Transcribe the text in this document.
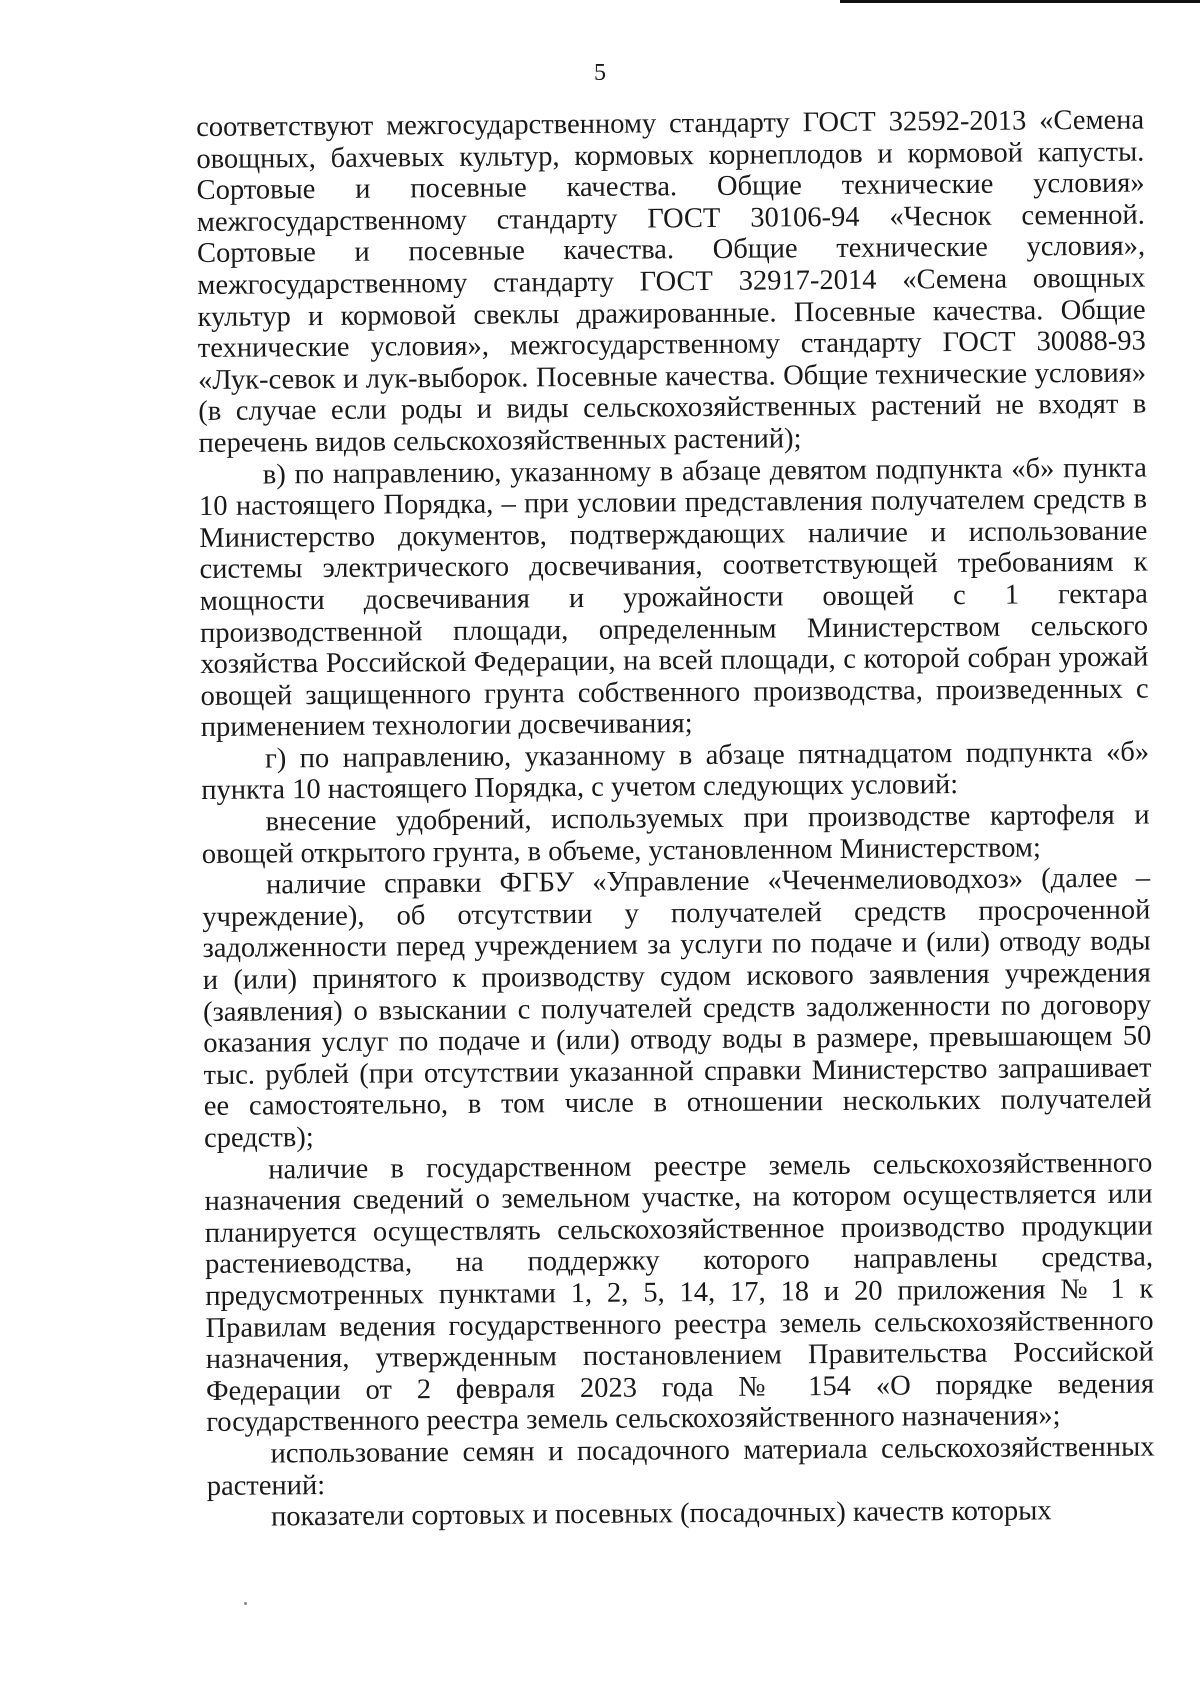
5

соответствуют межгосударственному стандарту ГОСТ 32592-2013 «Семена овощных, бахчевых культур, кормовых корнеплодов и кормовой капусты. Сортовые и посевные качества. Общие технические условия» межгосударственному стандарту ГОСТ 30106-94 «Чеснок семенной. Сортовые и посевные качества. Общие технические условия», межгосударственному стандарту ГОСТ 32917-2014 «Семена овощных культур и кормовой свеклы дражированные. Посевные качества. Общие технические условия», межгосударственному стандарту ГОСТ 30088-93 «Лук-севок и лук-выборок. Посевные качества. Общие технические условия» (в случае если роды и виды сельскохозяйственных растений не входят в перечень видов сельскохозяйственных растений);

в) по направлению, указанному в абзаце девятом подпункта «б» пункта 10 настоящего Порядка, – при условии представления получателем средств в Министерство документов, подтверждающих наличие и использование системы электрического досвечивания, соответствующей требованиям к мощности досвечивания и урожайности овощей с 1 гектара производственной площади, определенным Министерством сельского хозяйства Российской Федерации, на всей площади, с которой собран урожай овощей защищенного грунта собственного производства, произведенных с применением технологии досвечивания;

г) по направлению, указанному в абзаце пятнадцатом подпункта «б» пункта 10 настоящего Порядка, с учетом следующих условий:

внесение удобрений, используемых при производстве картофеля и овощей открытого грунта, в объеме, установленном Министерством;

наличие справки ФГБУ «Управление «Чеченмелиоводхоз» (далее – учреждение), об отсутствии у получателей средств просроченной задолженности перед учреждением за услуги по подаче и (или) отводу воды и (или) принятого к производству судом искового заявления учреждения (заявления) о взыскании с получателей средств задолженности по договору оказания услуг по подаче и (или) отводу воды в размере, превышающем 50 тыс. рублей (при отсутствии указанной справки Министерство запрашивает ее самостоятельно, в том числе в отношении нескольких получателей средств);

наличие в государственном реестре земель сельскохозяйственного назначения сведений о земельном участке, на котором осуществляется или планируется осуществлять сельскохозяйственное производство продукции растениеводства, на поддержку которого направлены средства, предусмотренных пунктами 1, 2, 5, 14, 17, 18 и 20 приложения № 1 к Правилам ведения государственного реестра земель сельскохозяйственного назначения, утвержденным постановлением Правительства Российской Федерации от 2 февраля 2023 года № 154 «О порядке ведения государственного реестра земель сельскохозяйственного назначения»;

использование семян и посадочного материала сельскохозяйственных растений:

показатели сортовых и посевных (посадочных) качеств которых
